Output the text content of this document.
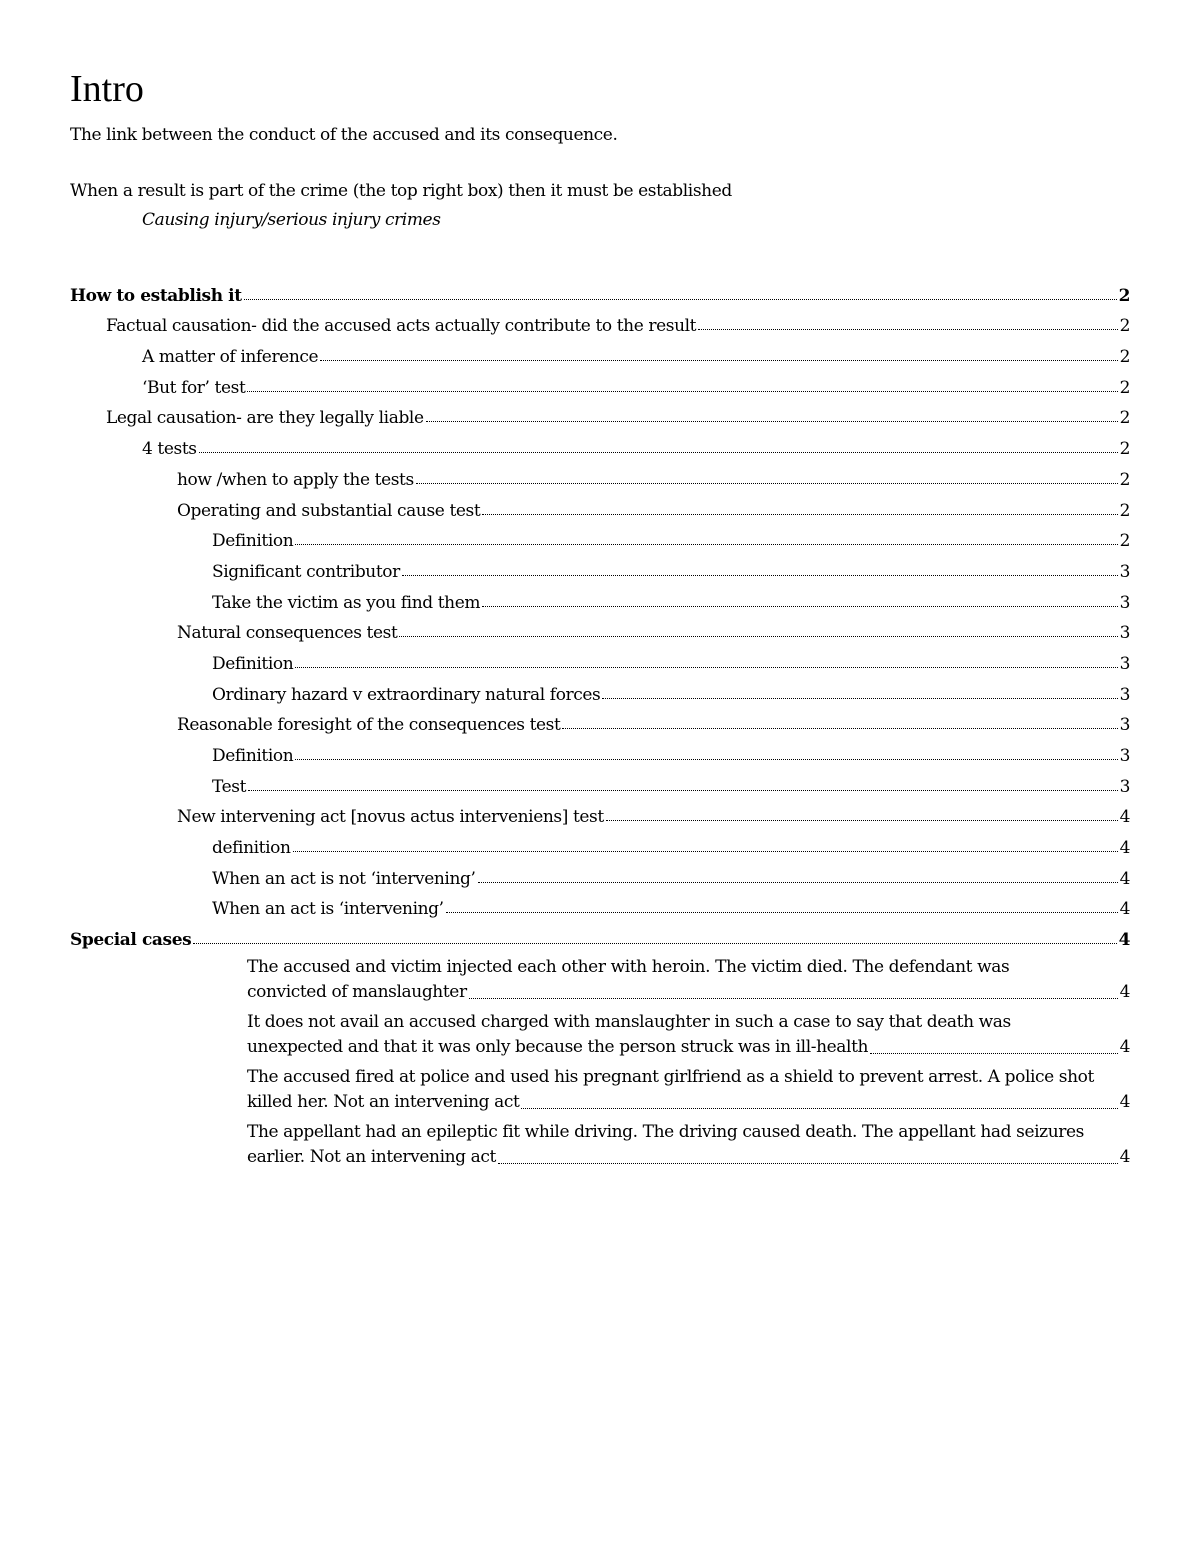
Intro

The link between the conduct of the accused and its consequence.

When a result is part of the crime (the top right box) then it must be established

Causing injury/serious injury crimes

How to establish it	2
Factual causation- did the accused acts actually contribute to the result	2
A matter of inference	2
‘But for’ test	2
Legal causation- are they legally liable	2
4 tests	2
how /when to apply the tests	2
Operating and substantial cause test	2
Definition	2
Significant contributor	3
Take the victim as you find them	3
Natural consequences test	3
Definition	3
Ordinary hazard v extraordinary natural forces	3
Reasonable foresight of the consequences test	3
Definition	3
Test	3
New intervening act [novus actus interveniens] test	4
definition	4
When an act is not ‘intervening’	4
When an act is ‘intervening’	4
Special cases	4
The accused and victim injected each other with heroin. The victim died. The defendant was
convicted of manslaughter	4
It does not avail an accused charged with manslaughter in such a case to say that death was
unexpected and that it was only because the person struck was in ill-health	4
The accused fired at police and used his pregnant girlfriend as a shield to prevent arrest. A police shot
killed her. Not an intervening act	4
The appellant had an epileptic fit while driving. The driving caused death. The appellant had seizures
earlier. Not an intervening act	4
